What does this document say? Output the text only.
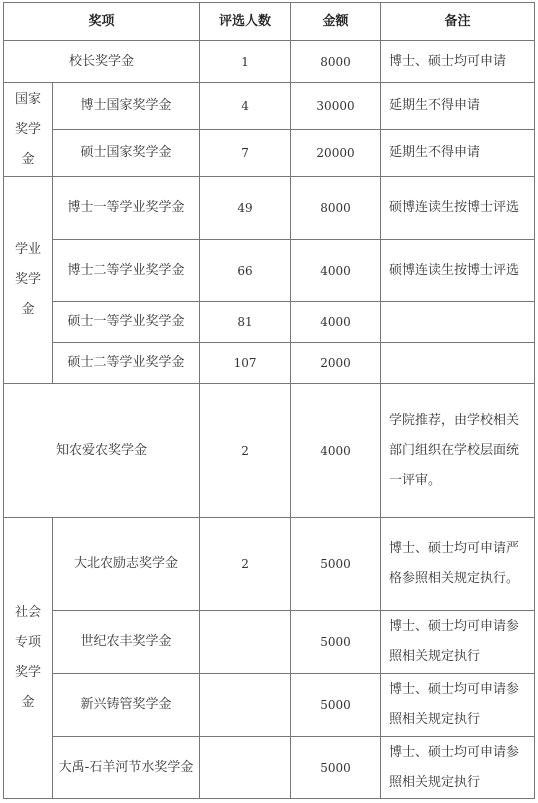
奖项		评选人数	金额	备注
校长奖学金		1	8000	博士、硕士均可申请
国家奖学金	博士国家奖学金	4	30000	延期生不得申请
	硕士国家奖学金	7	20000	延期生不得申请
学业奖学金	博士一等学业奖学金	49	8000	硕博连读生按博士评选
	博士二等学业奖学金	66	4000	硕博连读生按博士评选
	硕士一等学业奖学金	81	4000	
	硕士二等学业奖学金	107	2000	
知农爱农奖学金		2	4000	学院推荐，由学校相关部门组织在学校层面统一评审。
社会专项奖学金	大北农励志奖学金	2	5000	博士、硕士均可申请严格参照相关规定执行。
	世纪农丰奖学金		5000	博士、硕士均可申请参照相关规定执行
	新兴铸管奖学金		5000	博士、硕士均可申请参照相关规定执行
	大禹-石羊河节水奖学金		5000	博士、硕士均可申请参照相关规定执行
